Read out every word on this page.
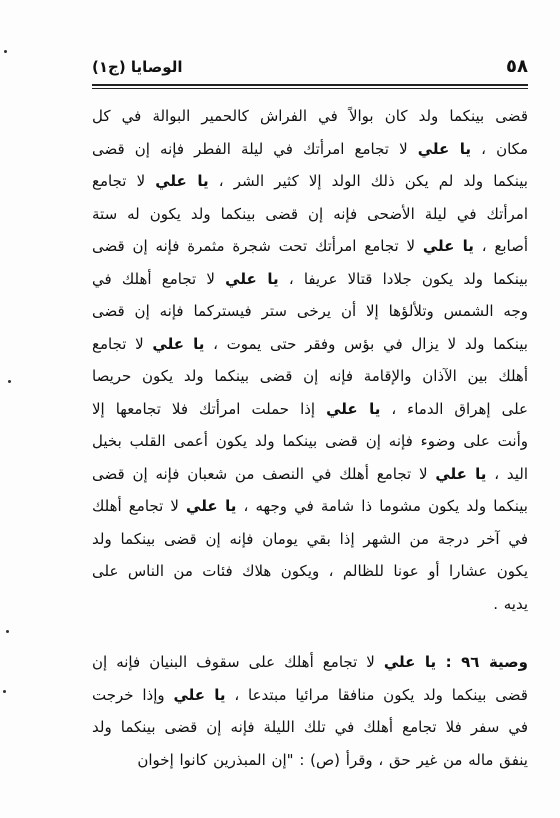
٥٨
الوصايا (ج١)
قضى بينكما ولد كان بوالاً في الفراش كالحمير البوالة في كل
مكان ، يا علي لا تجامع امرأتك في ليلة الفطر فإنه إن قضى
بينكما ولد لم يكن ذلك الولد إلا كثير الشر ، يا علي لا تجامع
امرأتك في ليلة الأضحى فإنه إن قضى بينكما ولد يكون له ستة
أصابع ، يا علي لا تجامع امرأتك تحت شجرة مثمرة فإنه إن قضى
بينكما ولد يكون جلادا قتالا عريفا ، يا علي لا تجامع أهلك في
وجه الشمس وتلألؤها إلا أن يرخى ستر فيستركما فإنه إن قضى
بينكما ولد لا يزال في بؤس وفقر حتى يموت ، يا علي لا تجامع
أهلك بين الآذان والإقامة فإنه إن قضى بينكما ولد يكون حريصا
على إهراق الدماء ، يا علي إذا حملت امرأتك فلا تجامعها إلا
وأنت على وضوء فإنه إن قضى بينكما ولد يكون أعمى القلب بخيل
اليد ، يا علي لا تجامع أهلك في النصف من شعبان فإنه إن قضى
بينكما ولد يكون مشوما ذا شامة في وجهه ، يا علي لا تجامع أهلك
في آخر درجة من الشهر إذا بقي يومان فإنه إن قضى بينكما ولد
يكون عشارا أو عونا للظالم ، ويكون هلاك فئات من الناس على
يديه .
وصية ٩٦ : يا علي لا تجامع أهلك على سقوف البنيان فإنه إن
قضى بينكما ولد يكون منافقا مرائيا مبتدعا ، يا علي وإذا خرجت
في سفر فلا تجامع أهلك في تلك الليلة فإنه إن قضى بينكما ولد
ينفق ماله من غير حق ، وقرأ (ص) : "إن المبذرين كانوا إخوان
